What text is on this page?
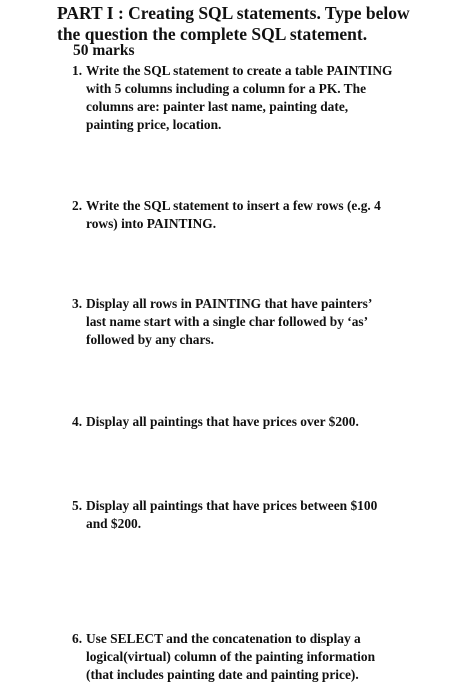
PART I : Creating SQL statements. Type below
the question the complete SQL statement.
50 marks
1. Write the SQL statement to create a table PAINTING
with 5 columns including a column for a PK. The
columns are: painter last name, painting date,
painting price, location.
2. Write the SQL statement to insert a few rows (e.g. 4
rows) into PAINTING.
3. Display all rows in PAINTING that have painters’
last name start with a single char followed by ‘as’
followed by any chars.
4. Display all paintings that have prices over $200.
5. Display all paintings that have prices between $100
and $200.
6. Use SELECT and the concatenation to display a
logical(virtual) column of the painting information
(that includes painting date and painting price).
